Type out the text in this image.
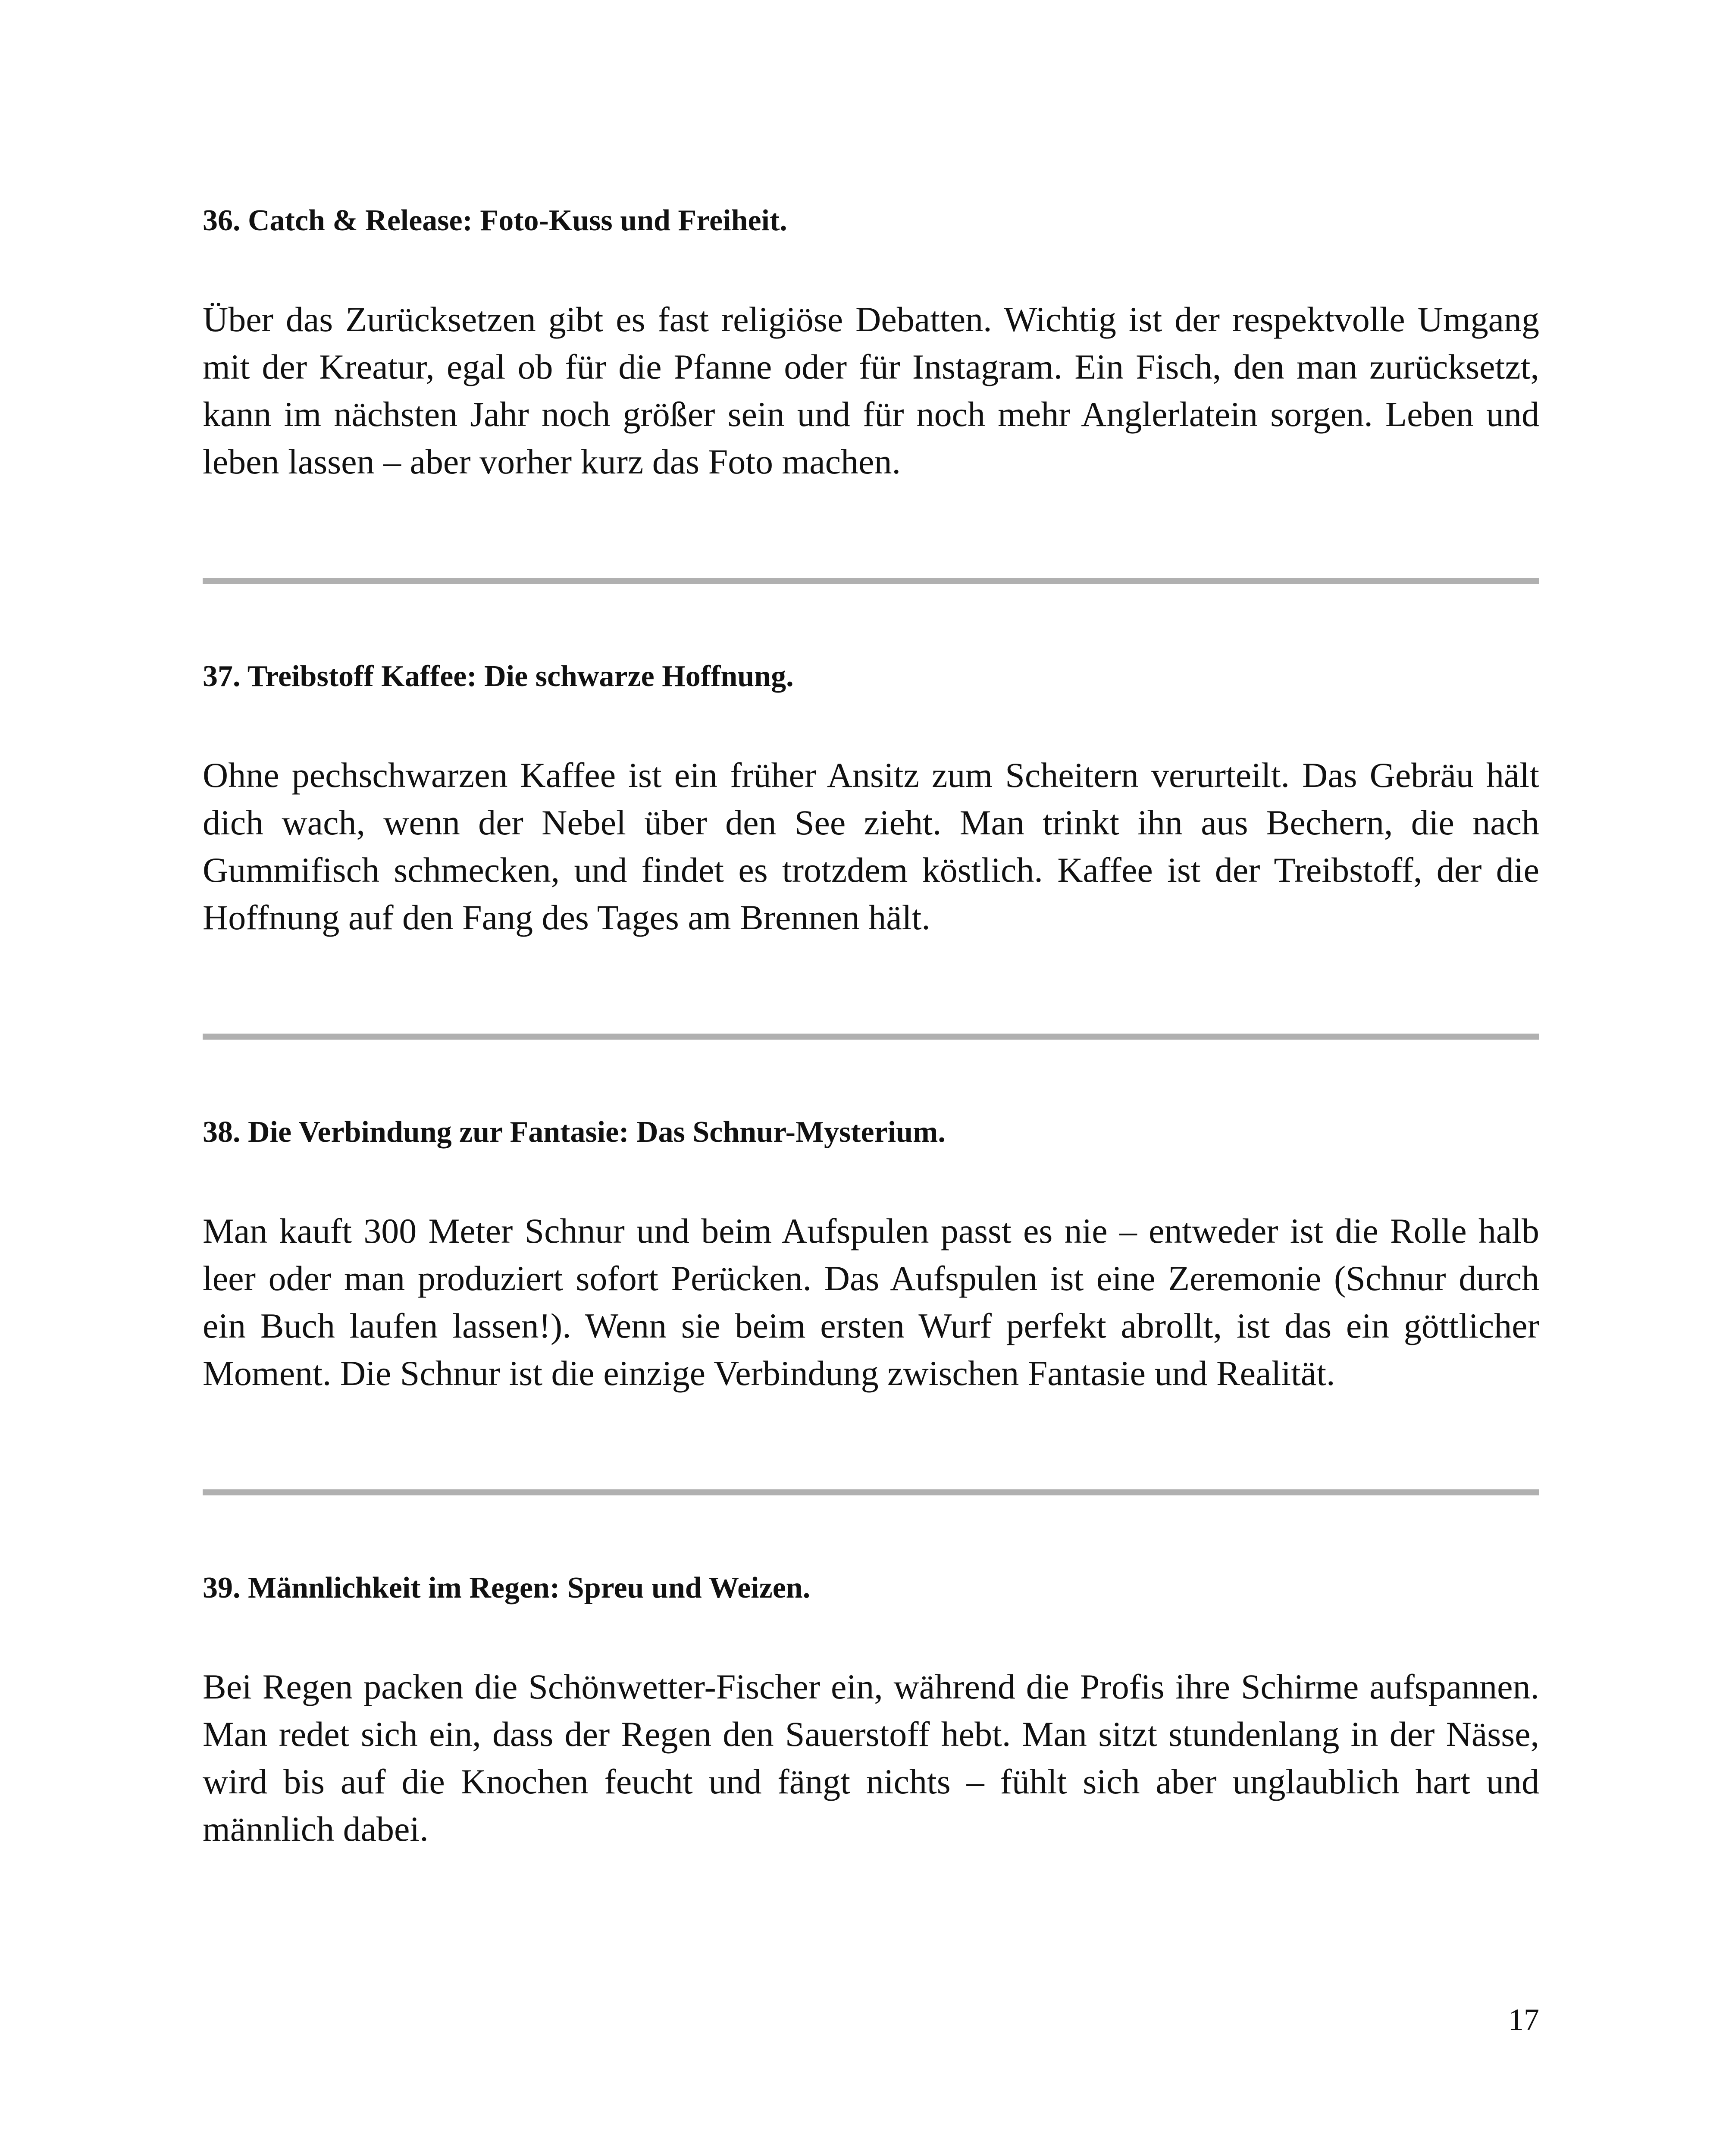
36. Catch & Release: Foto-Kuss und Freiheit.

Über das Zurücksetzen gibt es fast religiöse Debatten. Wichtig ist der respektvolle Umgang mit der Kreatur, egal ob für die Pfanne oder für Instagram. Ein Fisch, den man zurücksetzt, kann im nächsten Jahr noch größer sein und für noch mehr Anglerlatein sorgen. Leben und leben lassen – aber vorher kurz das Foto machen.

37. Treibstoff Kaffee: Die schwarze Hoffnung.

Ohne pechschwarzen Kaffee ist ein früher Ansitz zum Scheitern verurteilt. Das Gebräu hält dich wach, wenn der Nebel über den See zieht. Man trinkt ihn aus Bechern, die nach Gummifisch schmecken, und findet es trotzdem köstlich. Kaffee ist der Treibstoff, der die Hoffnung auf den Fang des Tages am Brennen hält.

38. Die Verbindung zur Fantasie: Das Schnur-Mysterium.

Man kauft 300 Meter Schnur und beim Aufspulen passt es nie – entweder ist die Rolle halb leer oder man produziert sofort Perücken. Das Aufspulen ist eine Zeremonie (Schnur durch ein Buch laufen lassen!). Wenn sie beim ersten Wurf perfekt abrollt, ist das ein göttlicher Moment. Die Schnur ist die einzige Verbindung zwischen Fantasie und Realität.

39. Männlichkeit im Regen: Spreu und Weizen.

Bei Regen packen die Schönwetter-Fischer ein, während die Profis ihre Schirme aufspannen. Man redet sich ein, dass der Regen den Sauerstoff hebt. Man sitzt stundenlang in der Nässe, wird bis auf die Knochen feucht und fängt nichts – fühlt sich aber unglaublich hart und männlich dabei.

17
